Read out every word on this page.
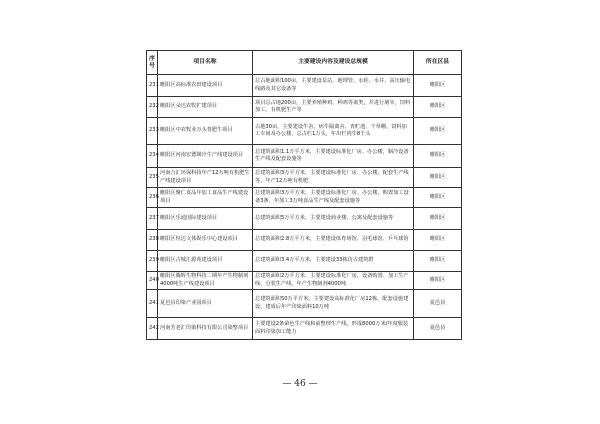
序号	项目名称	主要建设内容及建设总规模	所在区县
231	睢阳区高标准农田建设项目	总占地面积100亩，主要建设泵站、地埋管、水栓、水井、高压输电线路及其它设备等	睢阳区
232	睢阳区朵达农牧扩建项目	项目总占地200亩，主要养殖种鸡、种鸡等禽类，并进行屠宰，饲料加工，有机肥生产等	睢阳区
233	睢阳区中农牧业万头育肥牛项目	占地30亩，主要建设牛舍、病牛隔离舍、青贮池、干草棚、饲料加工车间及办公楼，总占栏1万头，年出栏肉牛8千头	睢阳区
234	睢阳区河南宏德制冷生产线建设项目	总建筑面积1.1万平方米，主要建设标准化厂房、办公楼，制冷设备生产线及配套设施等	睢阳区
235	河南合汇环保科技年产12万吨有机肥生产线建设项目	总建筑面积3万平方米，主要建设标准化厂房、办公楼，配套生产线等，年产12万吨有机肥	睢阳区
236	睢阳区聚仁食品年加工食品生产线建设项目	总建筑面积3万平方米，主要建设标准化厂房、办公楼，购置加工设备3条，年加工3万吨食品生产线及配套设施等	睢阳区
237	睢阳区乐通国际建设项目	总建筑面积5万平方米，主要建设商业楼、公寓及配套设施等	睢阳区
238	睢阳区恒达文体娱乐中心建设项目	总建筑面积2.8万平方米，主要建设体育场馆、羽毛球馆、乒乓球馆	睢阳区
239	睢阳区古城汇源苑建设项目	总建筑面积3.4万平方米，主要建设33栋仿古建筑群	睢阳区
240	睢阳区腾辉生物科技二期年产生物制剂4000吨生产线建设项目	总建筑面积2万平方米，主要建设标准化厂房，设备购置、加工生产线、分装生产线，年产生物制剂4000吨	睢阳区
241	夏邑县印染产业园项目	总建筑面积50万平方米，主要建设高标准化厂房12栋，配套设施建设，建成后年产印染面料10万吨	夏邑县
242	河南芳老汇印染科技有限公司染整项目	主要建设2条染色生产线和前整理生产线，形成8000万米/年度服装面料印染加工能力	夏邑县
— 46 —
